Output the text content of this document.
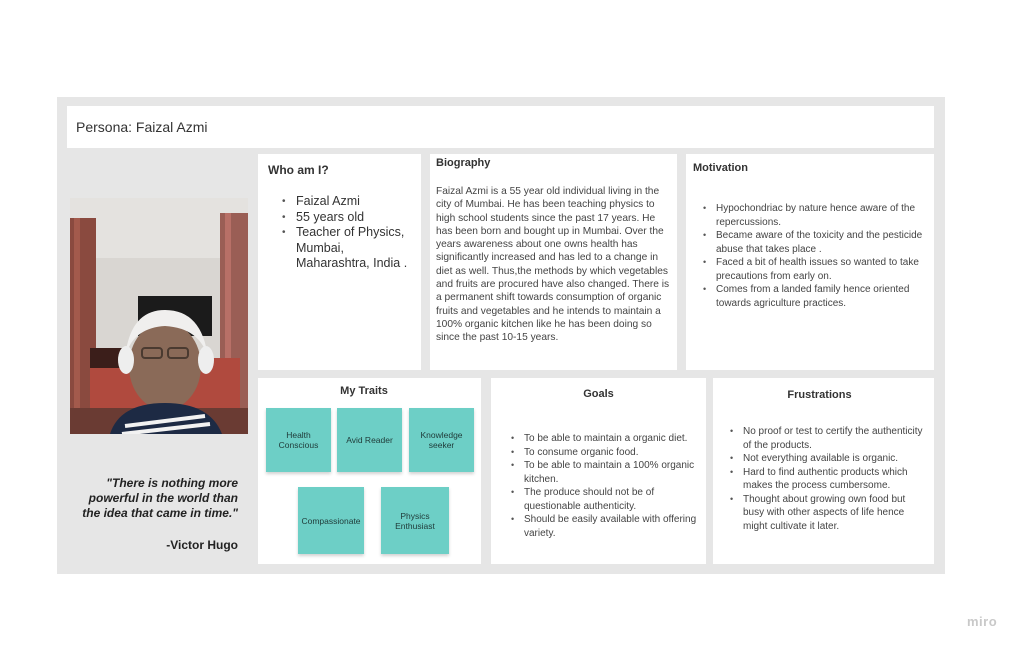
Persona: Faizal Azmi
"There is nothing more powerful in the world than the idea that came in time."
-Victor Hugo
Who am I?
• Faizal Azmi
• 55 years old
• Teacher of Physics, Mumbai, Maharashtra, India .
Biography
Faizal Azmi is a 55 year old individual living in the city of Mumbai. He has been teaching physics to high school students since the past 17 years. He has been born and bought up in Mumbai. Over the years awareness about one owns health has significantly increased and has led to a change in diet as well. Thus,the methods by which vegetables and fruits are procured have also changed. There is a permanent shift towards consumption of organic fruits and vegetables and he intends to maintain a 100% organic kitchen like he has been doing so since the past 10-15 years.
Motivation
• Hypochondriac by nature hence aware of the repercussions.
• Became aware of the toxicity and the pesticide abuse that takes place .
• Faced a bit of health issues so wanted to take precautions from early on.
• Comes from a landed family hence oriented towards agriculture practices.
My Traits
Health Conscious	Avid Reader	Knowledge seeker
Compassionate	Physics Enthusiast
Goals
• To be able to maintain a organic diet.
• To consume organic food.
• To be able to maintain a 100% organic kitchen.
• The produce should not be of questionable authenticity.
• Should be easily available with offering variety.
Frustrations
• No proof or test to certify the authenticity of the products.
• Not everything available is organic.
• Hard to find authentic products which makes the process cumbersome.
• Thought about growing own food but busy with other aspects of life hence might cultivate it later.
miro
